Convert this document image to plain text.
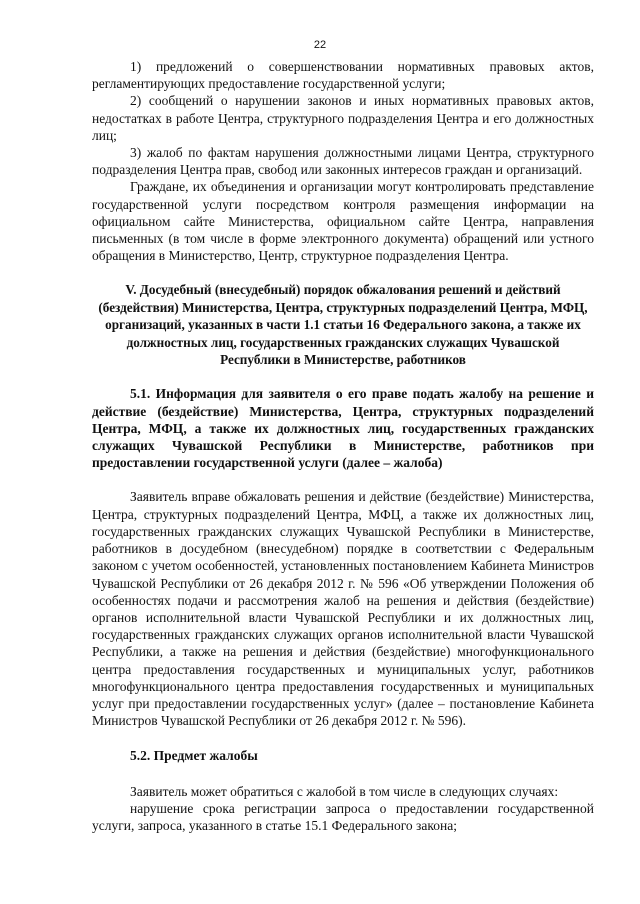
22

1) предложений о совершенствовании нормативных правовых актов, регламентирующих предоставление государственной услуги;

2) сообщений о нарушении законов и иных нормативных правовых актов, недостатках в работе Центра, структурного подразделения Центра и его должностных лиц;

3) жалоб по фактам нарушения должностными лицами Центра, структурного подразделения Центра прав, свобод или законных интересов граждан и организаций.

Граждане, их объединения и организации могут контролировать представление государственной услуги посредством контроля размещения информации на официальном сайте Министерства, официальном сайте Центра, направления письменных (в том числе в форме электронного документа) обращений или устного обращения в Министерство, Центр, структурное подразделения Центра.

V. Досудебный (внесудебный) порядок обжалования решений и действий (бездействия) Министерства, Центра, структурных подразделений Центра, МФЦ, организаций, указанных в части 1.1 статьи 16 Федерального закона, а также их должностных лиц, государственных гражданских служащих Чувашской Республики в Министерстве, работников

5.1. Информация для заявителя о его праве подать жалобу на решение и действие (бездействие) Министерства, Центра, структурных подразделений Центра, МФЦ, а также их должностных лиц, государственных гражданских служащих Чувашской Республики в Министерстве, работников при предоставлении государственной услуги (далее – жалоба)

Заявитель вправе обжаловать решения и действие (бездействие) Министерства, Центра, структурных подразделений Центра, МФЦ, а также их должностных лиц, государственных гражданских служащих Чувашской Республики в Министерстве, работников в досудебном (внесудебном) порядке в соответствии с Федеральным законом с учетом особенностей, установленных постановлением Кабинета Министров Чувашской Республики от 26 декабря 2012 г. № 596 «Об утверждении Положения об особенностях подачи и рассмотрения жалоб на решения и действия (бездействие) органов исполнительной власти Чувашской Республики и их должностных лиц, государственных гражданских служащих органов исполнительной власти Чувашской Республики, а также на решения и действия (бездействие) многофункционального центра предоставления государственных и муниципальных услуг, работников многофункционального центра предоставления государственных и муниципальных услуг при предоставлении государственных услуг» (далее – постановление Кабинета Министров Чувашской Республики от 26 декабря 2012 г. № 596).

5.2. Предмет жалобы

Заявитель может обратиться с жалобой в том числе в следующих случаях:

нарушение срока регистрации запроса о предоставлении государственной услуги, запроса, указанного в статье 15.1 Федерального закона;
